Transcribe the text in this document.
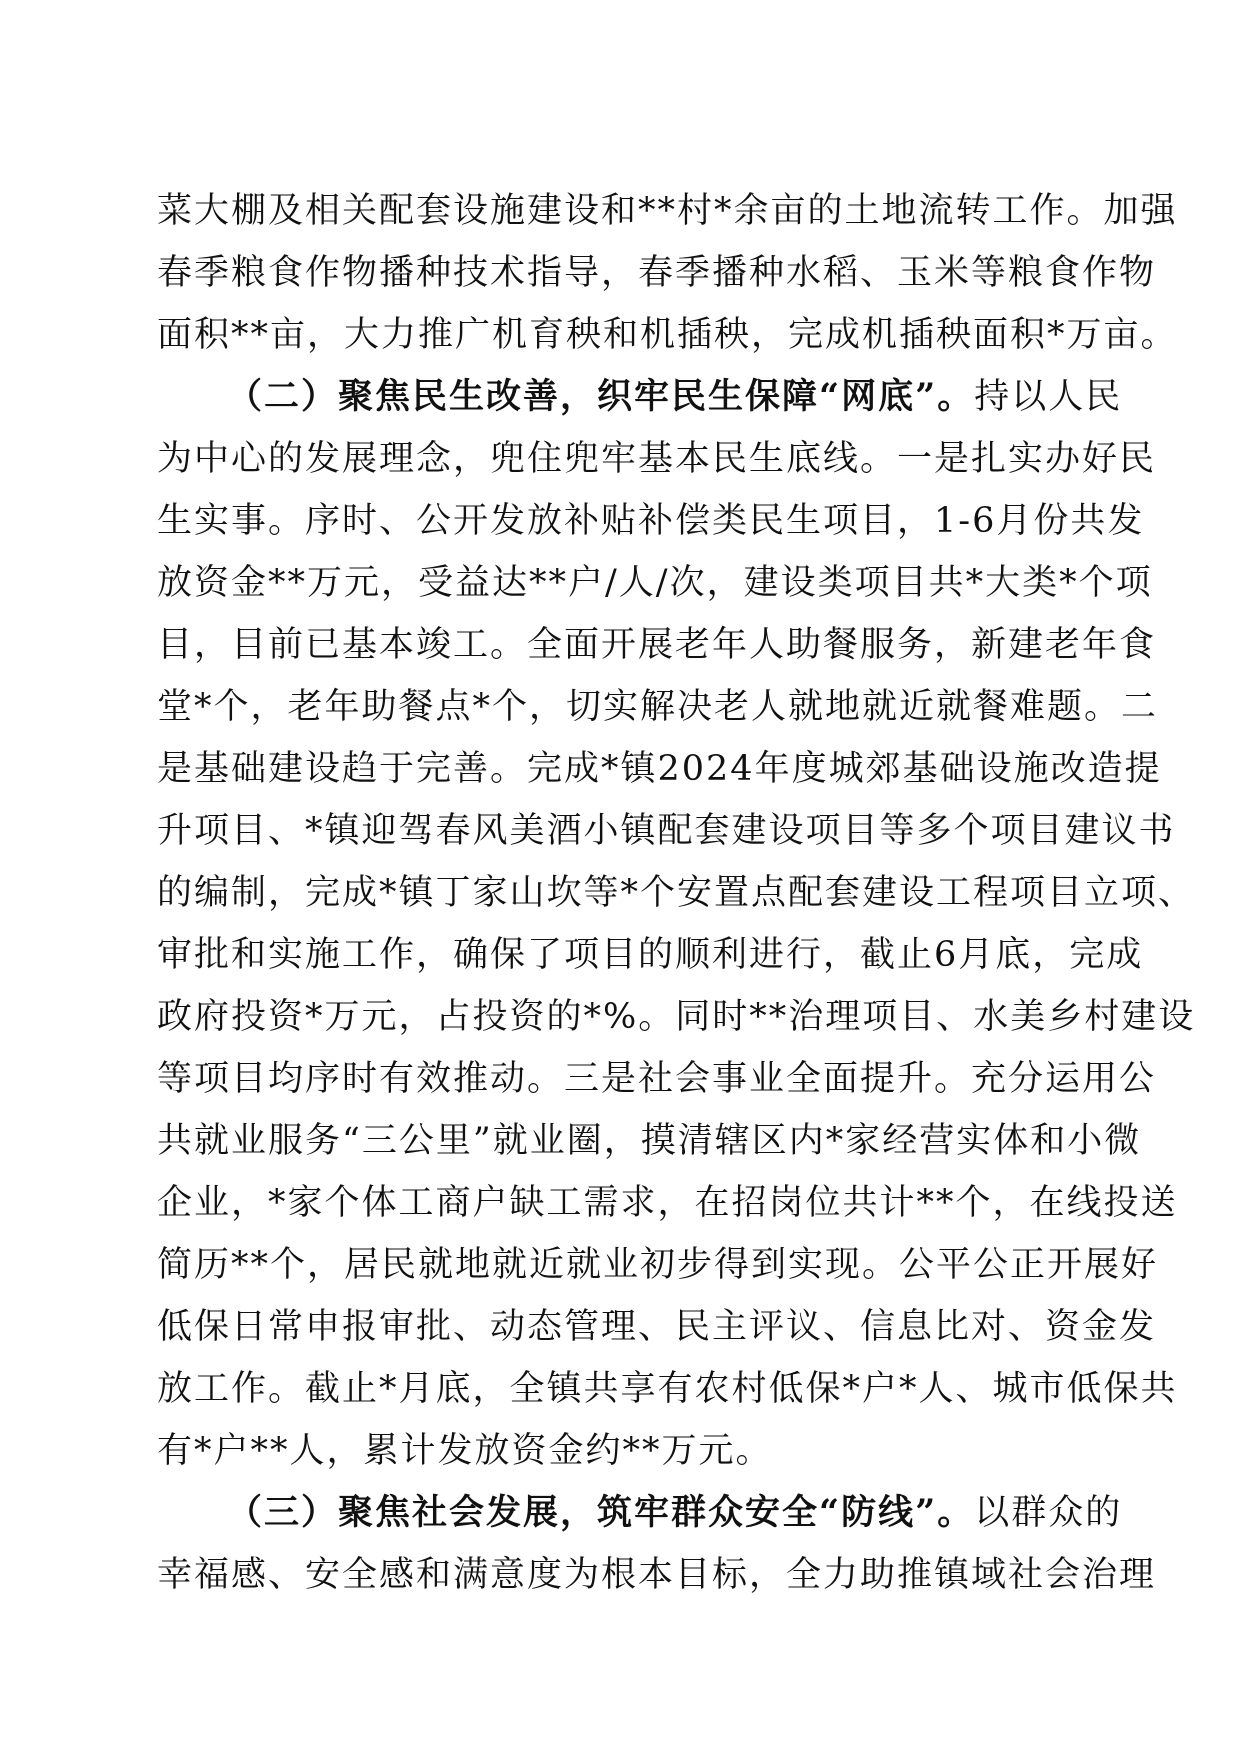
菜大棚及相关配套设施建设和**村*余亩的土地流转工作。加强
春季粮食作物播种技术指导，春季播种水稻、玉米等粮食作物
面积**亩，大力推广机育秧和机插秧，完成机插秧面积*万亩。
（二）聚焦民生改善，织牢民生保障“网底”。持以人民
为中心的发展理念，兜住兜牢基本民生底线。一是扎实办好民
生实事。序时、公开发放补贴补偿类民生项目，1-6月份共发
放资金**万元，受益达**户/人/次，建设类项目共*大类*个项
目，目前已基本竣工。全面开展老年人助餐服务，新建老年食
堂*个，老年助餐点*个，切实解决老人就地就近就餐难题。二
是基础建设趋于完善。完成*镇2024年度城郊基础设施改造提
升项目、*镇迎驾春风美酒小镇配套建设项目等多个项目建议书
的编制，完成*镇丁家山坎等*个安置点配套建设工程项目立项、
审批和实施工作，确保了项目的顺利进行，截止6月底，完成
政府投资*万元，占投资的*%。同时**治理项目、水美乡村建设
等项目均序时有效推动。三是社会事业全面提升。充分运用公
共就业服务“三公里”就业圈，摸清辖区内*家经营实体和小微
企业，*家个体工商户缺工需求，在招岗位共计**个，在线投送
简历**个，居民就地就近就业初步得到实现。公平公正开展好
低保日常申报审批、动态管理、民主评议、信息比对、资金发
放工作。截止*月底，全镇共享有农村低保*户*人、城市低保共
有*户**人，累计发放资金约**万元。
（三）聚焦社会发展，筑牢群众安全“防线”。以群众的
幸福感、安全感和满意度为根本目标，全力助推镇域社会治理
